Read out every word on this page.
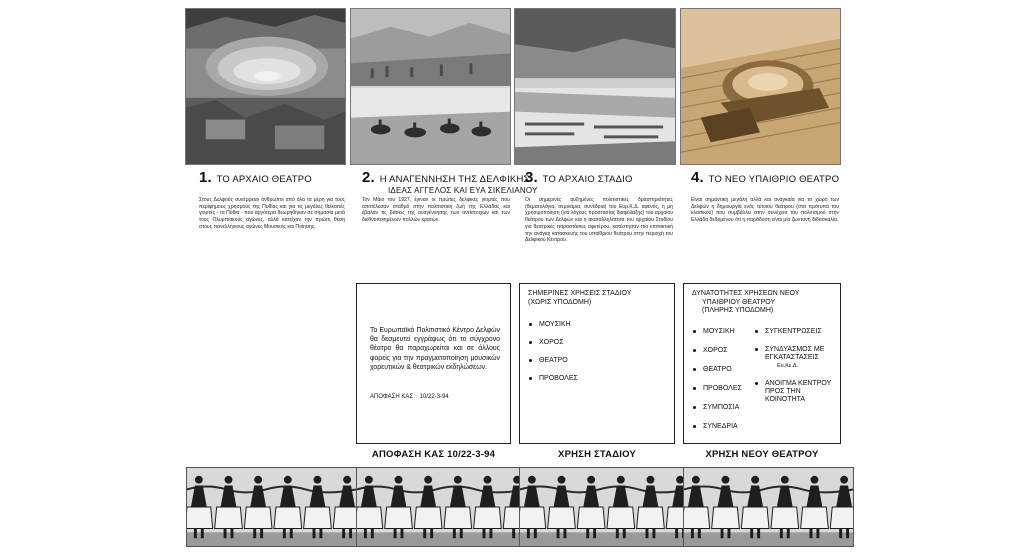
1. ΤΟ ΑΡΧΑΙΟ ΘΕΑΤΡΟ	2. Η ΑΝΑΓΕΝΝΗΣΗ ΤΗΣ ΔΕΛΦΙΚΗΣ
ΙΔΕΑΣ ΑΓΓΕΛΟΣ ΚΑΙ ΕΥΑ ΣΙΚΕΛΙΑΝΟΥ
3. ΤΟ ΑΡΧΑΙΟ ΣΤΑΔΙΟ	4. ΤΟ ΝΕΟ ΥΠΑΙΘΡΙΟ ΘΕΑΤΡΟ

Στους Δελφούς συνέρρεαν άνθρωποι από όλα τα μέρη για τους περίφημους χρησμούς της Πυθίας και για τις μεγάλες θεϊκαπές γιορτές - τα Πύθια - που αργότερα θεωρήθηκαν σε σημασία μετά τους Ολυμπιακούς αγώνες, αλλά κατείχαν την πρώτη θέση στους πανελλήνιους αγώνες Μουσικής και Ποίησης.

Τον Μάιο του 1927, έγιναν οι πρώτες δελφικές γιορτές που αποτέλεσαν σταθμό στην πολιτιστική ζωή της Ελλάδας και έβαλαν τις βάσεις της αναγέννησης των αντίστοιχων και των διεθνοποιημένων πολλών κρατών.

Οι σημερινές αυξημένες πολιτιστικές δραστηριότητες (θεματολόγια, σεμινάρια, συνέδρια) του Ευρ.Κ.Δ. αφενός, η μη χρησιμοποίηση (για λόγους προστασίας διαφύλαξης) του αρχαίου θεάτρου των Δελφών και η ακαταλληλότητα του αρχαίου Σταδίου για θεατρικές παραστάσεις αφετέρου, κατέστησαν πιο επιτακτική την ανάγκη κατασκευής του υπαίθριου θεάτρου στην περιοχή του Δελφικού Κέντρου.

Είναι σημαντική μεγάλη αλλά και αναγκαία για το χώρο των Δελφών η δημιουργία ενός τέτοιου θεάτρου (στα πρότυπα του κλασικού) που συμβάλλει στην συνέχεια του πολιτισμού στην Ελλάδα δεδομένου ότι η παράδοση είναι μία ζωντανή διδασκαλία.

Το Ευρωπαϊκό Πολιτιστικό Κέντρο Δελφών θα δεσμευτεί εγγράφως ότι το σύγχρονο θέατρο θα παραχωρείται και σε άλλους φορείς για την πραγματοποίηση μουσικών χορευτικών & θεατρικών εκδηλώσεων.

ΑΠΟΦΑΣΗ ΚΑΣ    10/22-3-94

ΣΗΜΕΡΙΝΕΣ ΧΡΗΣΕΙΣ ΣΤΑΔΙΟΥ

(ΧΩΡΙΣ ΥΠΟΔΟΜΗ)

ΜΟΥΣΙΚΗ
ΧΟΡΟΣ
ΘΕΑΤΡΟ
ΠΡΟΒΟΛΕΣ

ΔΥΝΑΤΟΤΗΤΕΣ ΧΡΗΣΕΩΝ ΝΕΟΥ

ΥΠΑΙΘΡΙΟΥ ΘΕΑΤΡΟΥ

(ΠΛΗΡΗΣ ΥΠΟΔΟΜΗ)

ΜΟΥΣΙΚΗ
ΧΟΡΟΣ
ΘΕΑΤΡΟ
ΠΡΟΒΟΛΕΣ
ΣΥΜΠΟΣΙΑ
ΣΥΝΕΔΡΙΑ
ΣΥΓΚΕΝΤΡΩΣΕΙΣ
ΣΥΝΔΥΑΣΜΟΣ ΜΕ ΕΓΚΑΤΑΣΤΑΣΕΙΣ
Ευ.Κε.Δ.
ΑΝΟΙΓΜΑ ΚΕΝΤΡΟΥ ΠΡΟΣ ΤΗΝ ΚΟΙΝΟΤΗΤΑ
ΑΠΟΦΑΣΗ ΚΑΣ 10/22-3-94	ΧΡΗΣΗ ΣΤΑΔΙΟΥ	ΧΡΗΣΗ ΝΕΟΥ ΘΕΑΤΡΟΥ
